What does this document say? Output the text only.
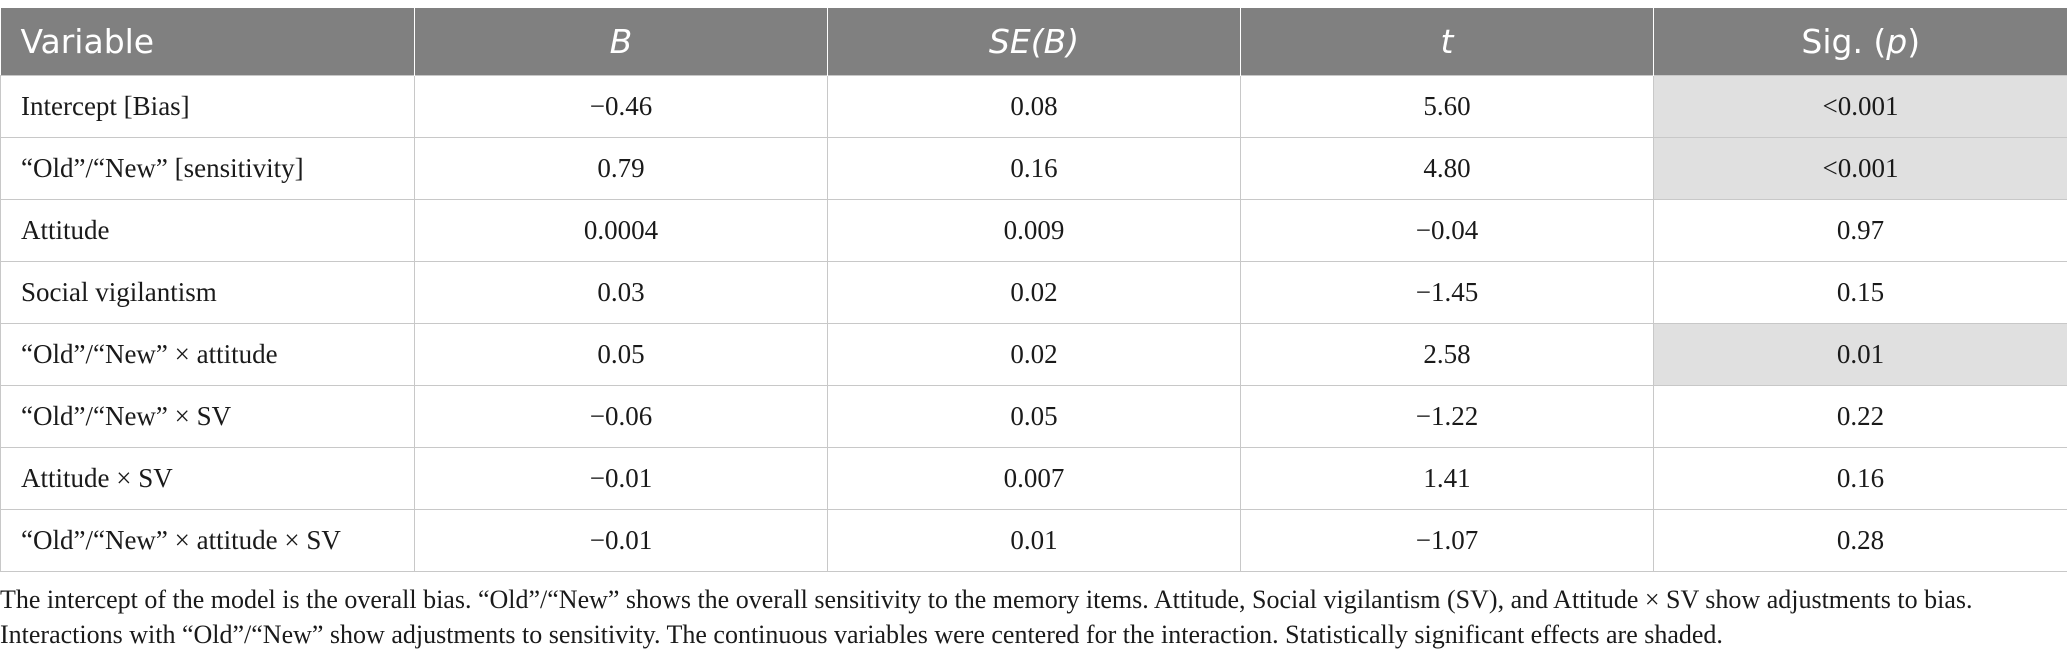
Variable	B	SE(B)	t	Sig. (p)
Intercept [Bias]	−0.46	0.08	5.60	<0.001
“Old”/“New” [sensitivity]	0.79	0.16	4.80	<0.001
Attitude	0.0004	0.009	−0.04	0.97
Social vigilantism	0.03	0.02	−1.45	0.15
“Old”/“New” × attitude	0.05	0.02	2.58	0.01
“Old”/“New” × SV	−0.06	0.05	−1.22	0.22
Attitude × SV	−0.01	0.007	1.41	0.16
“Old”/“New” × attitude × SV	−0.01	0.01	−1.07	0.28

The intercept of the model is the overall bias. “Old”/“New” shows the overall sensitivity to the memory items. Attitude, Social vigilantism (SV), and Attitude × SV show adjustments to bias.

Interactions with “Old”/“New” show adjustments to sensitivity. The continuous variables were centered for the interaction. Statistically significant effects are shaded.
